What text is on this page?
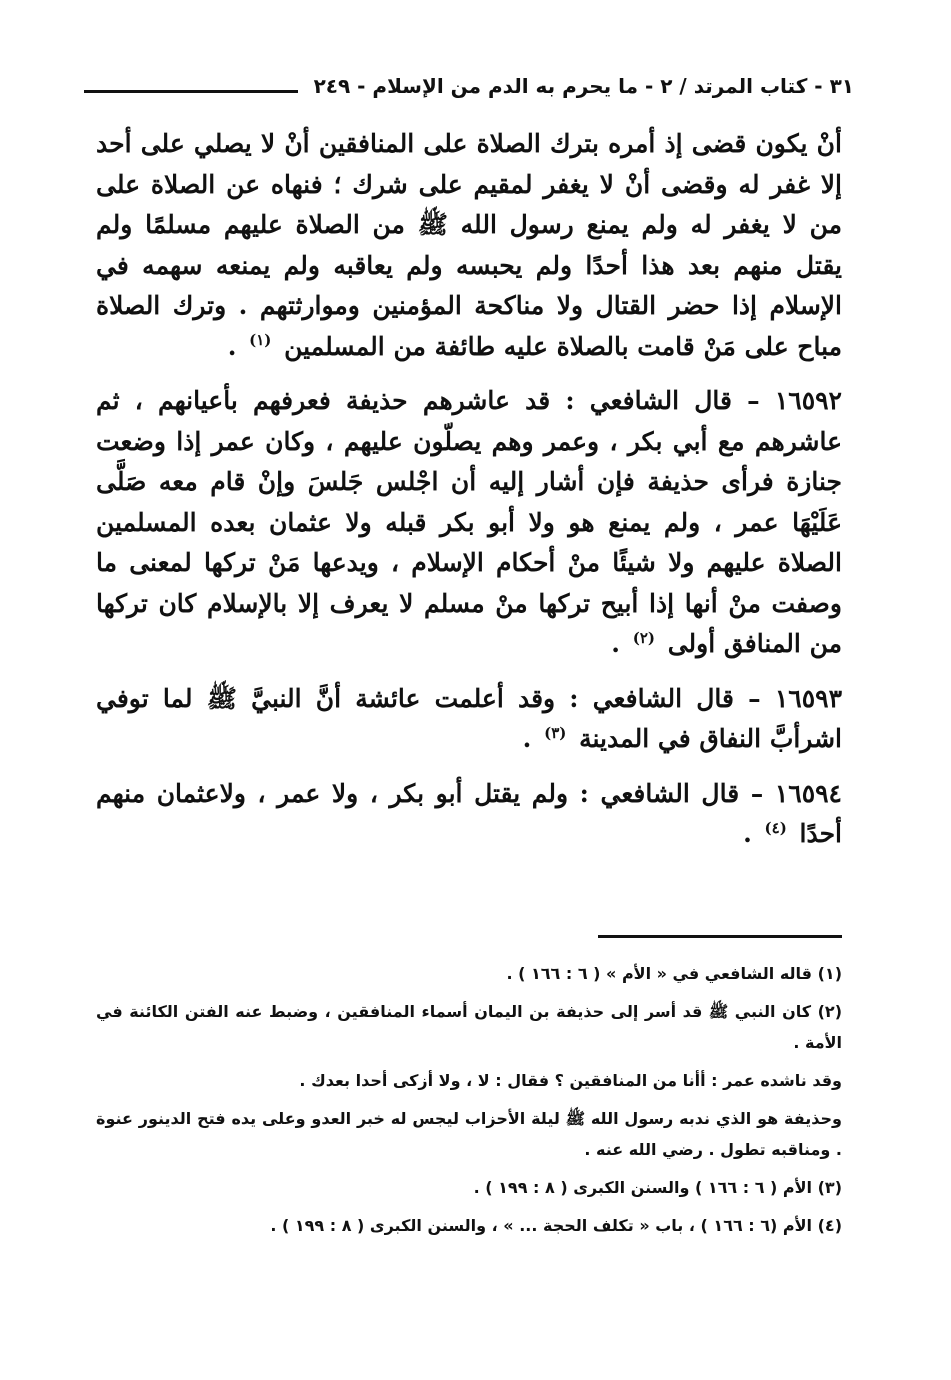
٣١ - كتاب المرتد / ٢ - ما يحرم به الدم من الإسلام - ٢٤٩

أنْ يكون قضى إذ أمره بترك الصلاة على المنافقين أنْ لا يصلي على أحد إلا غفر له وقضى أنْ لا يغفر لمقيم على شرك ؛ فنهاه عن الصلاة على من لا يغفر له ولم يمنع رسول الله ﷺ من الصلاة عليهم مسلمًا ولم يقتل منهم بعد هذا أحدًا ولم يحبسه ولم يعاقبه ولم يمنعه سهمه في الإسلام إذا حضر القتال ولا مناكحة المؤمنين وموارثتهم . وترك الصلاة مباح على مَنْ قامت بالصلاة عليه طائفة من المسلمين $^{(١)}$ .

١٦٥٩٢ – قال الشافعي : قد عاشرهم حذيفة فعرفهم بأعيانهم ، ثم عاشرهم مع أبي بكر ، وعمر وهم يصلّون عليهم ، وكان عمر إذا وضعت جنازة فرأى حذيفة فإن أشار إليه أن اجْلس جَلسَ وإنْ قام معه صَلَّى عَلَيْهَا عمر ، ولم يمنع هو ولا أبو بكر قبله ولا عثمان بعده المسلمين الصلاة عليهم ولا شيئًا منْ أحكام الإسلام ، ويدعها مَنْ تركها لمعنى ما وصفت منْ أنها إذا أبيح تركها منْ مسلم لا يعرف إلا بالإسلام كان تركها من المنافق أولى $^{(٢)}$ .

١٦٥٩٣ – قال الشافعي : وقد أعلمت عائشة أنَّ النبيَّ ﷺ لما توفي اشرأبَّ النفاق في المدينة $^{(٣)}$ .

١٦٥٩٤ – قال الشافعي : ولم يقتل أبو بكر ، ولا عمر ، ولاعثمان منهم أحدًا $^{(٤)}$ .

(١) قاله الشافعي في « الأم » ( ٦ : ١٦٦ ) .

(٢) كان النبي ﷺ قد أسر إلى حذيفة بن اليمان أسماء المنافقين ، وضبط عنه الفتن الكائنة في الأمة .

وقد ناشده عمر : أأنا من المنافقين ؟ فقال : لا ، ولا أزكى أحدا بعدك .

وحذيفة هو الذي ندبه رسول الله ﷺ ليلة الأحزاب ليجس له خبر العدو وعلى يده فتح الدينور عنوة . ومناقبه تطول . رضي الله عنه .

(٣) الأم ( ٦ : ١٦٦ ) والسنن الكبرى ( ٨ : ١٩٩ ) .

(٤) الأم (٦ : ١٦٦ ) ، باب « تكلف الحجة ... » ، والسنن الكبرى ( ٨ : ١٩٩ ) .
